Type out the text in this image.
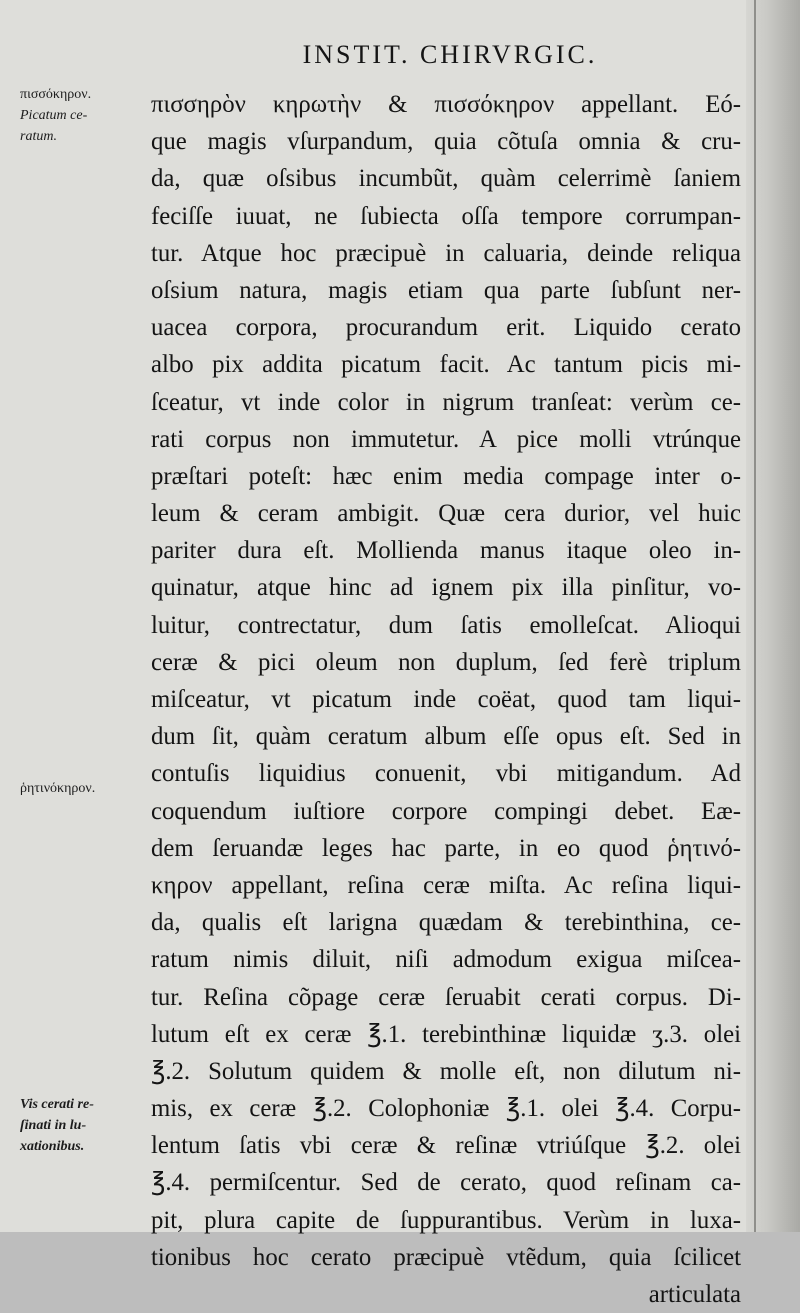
INSTIT. CHIRVRGIC.
πισσόκηρον.
Picatum ce-
ratum.
ῥητινόκηρον.
Vis cerati re-
ſinati in lu-
xationibus.
πισσηρὸν κηρωτὴν & πισσόκηρον appellant. Eó-
que magis vſurpandum, quia cõtuſa omnia & cru-
da, quæ oſsibus incumbũt, quàm celerrimè ſaniem
feciſſe iuuat, ne ſubiecta oſſa tempore corrumpan-
tur. Atque hoc præcipuè in caluaria, deinde reliqua
oſsium natura, magis etiam qua parte ſubſunt ner-
uacea corpora, procurandum erit. Liquido cerato
albo pix addita picatum facit. Ac tantum picis mi-
ſceatur, vt inde color in nigrum tranſeat: verùm ce-
rati corpus non immutetur. A pice molli vtrúnque
præſtari poteſt: hæc enim media compage inter o-
leum & ceram ambigit. Quæ cera durior, vel huic
pariter dura eſt. Mollienda manus itaque oleo in-
quinatur, atque hinc ad ignem pix illa pinſitur, vo-
luitur, contrectatur, dum ſatis emolleſcat. Alioqui
ceræ & pici oleum non duplum, ſed ferè triplum
miſceatur, vt picatum inde coëat, quod tam liqui-
dum ſit, quàm ceratum album eſſe opus eſt. Sed in
contuſis liquidius conuenit, vbi mitigandum. Ad
coquendum iuſtiore corpore compingi debet. Eæ-
dem ſeruandæ leges hac parte, in eo quod ῥητινό-
κηρον appellant, reſina ceræ miſta. Ac reſina liqui-
da, qualis eſt larigna quædam & terebinthina, ce-
ratum nimis diluit, niſi admodum exigua miſcea-
tur. Reſina cõpage ceræ ſeruabit cerati corpus. Di-
lutum eſt ex ceræ ℥.1. terebinthinæ liquidæ ʒ.3. olei
℥.2. Solutum quidem & molle eſt, non dilutum ni-
mis, ex ceræ ℥.2. Colophoniæ ℥.1. olei ℥.4. Corpu-
lentum ſatis vbi ceræ & reſinæ vtriúſque ℥.2. olei
℥.4. permiſcentur. Sed de cerato, quod reſinam ca-
pit, plura capite de ſuppurantibus. Verùm in luxa-
tionibus hoc cerato præcipuè vtẽdum, quia ſcilicet
articulata
